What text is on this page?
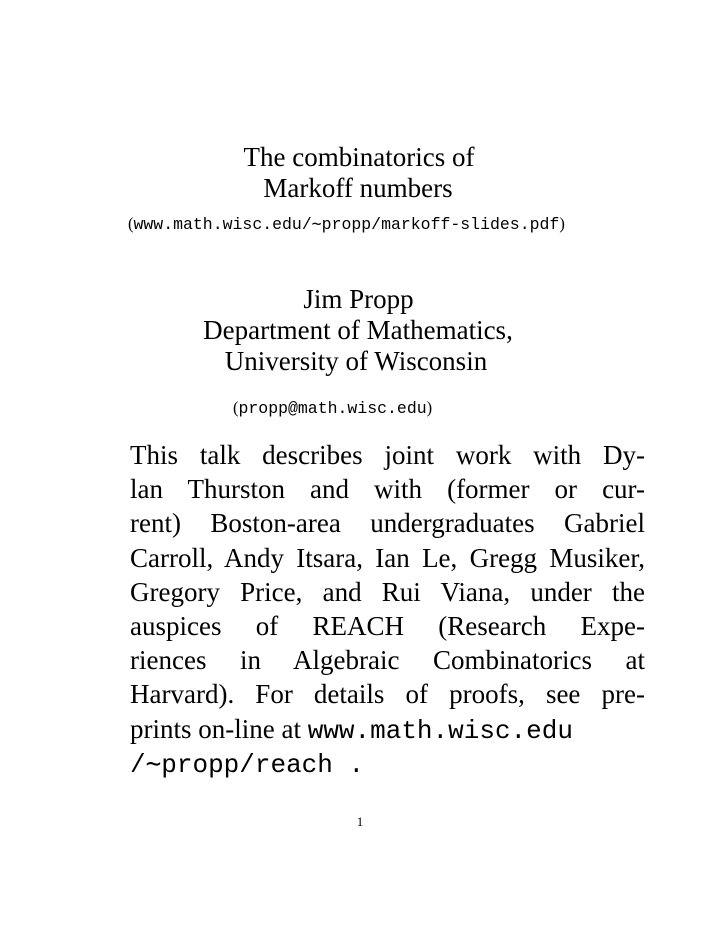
The combinatorics of
Markoff numbers
(www.math.wisc.edu/∼propp/markoff-slides.pdf)
Jim Propp
Department of Mathematics,
University of Wisconsin
(propp@math.wisc.edu)
This talk describes joint work with Dy-
lan Thurston and with (former or cur-
rent) Boston-area undergraduates Gabriel
Carroll, Andy Itsara, Ian Le, Gregg Musiker,
Gregory Price, and Rui Viana, under the
auspices of REACH (Research Expe-
riences in Algebraic Combinatorics at
Harvard). For details of proofs, see pre-
prints on-line at www.math.wisc.edu
/∼propp/reach .
1
